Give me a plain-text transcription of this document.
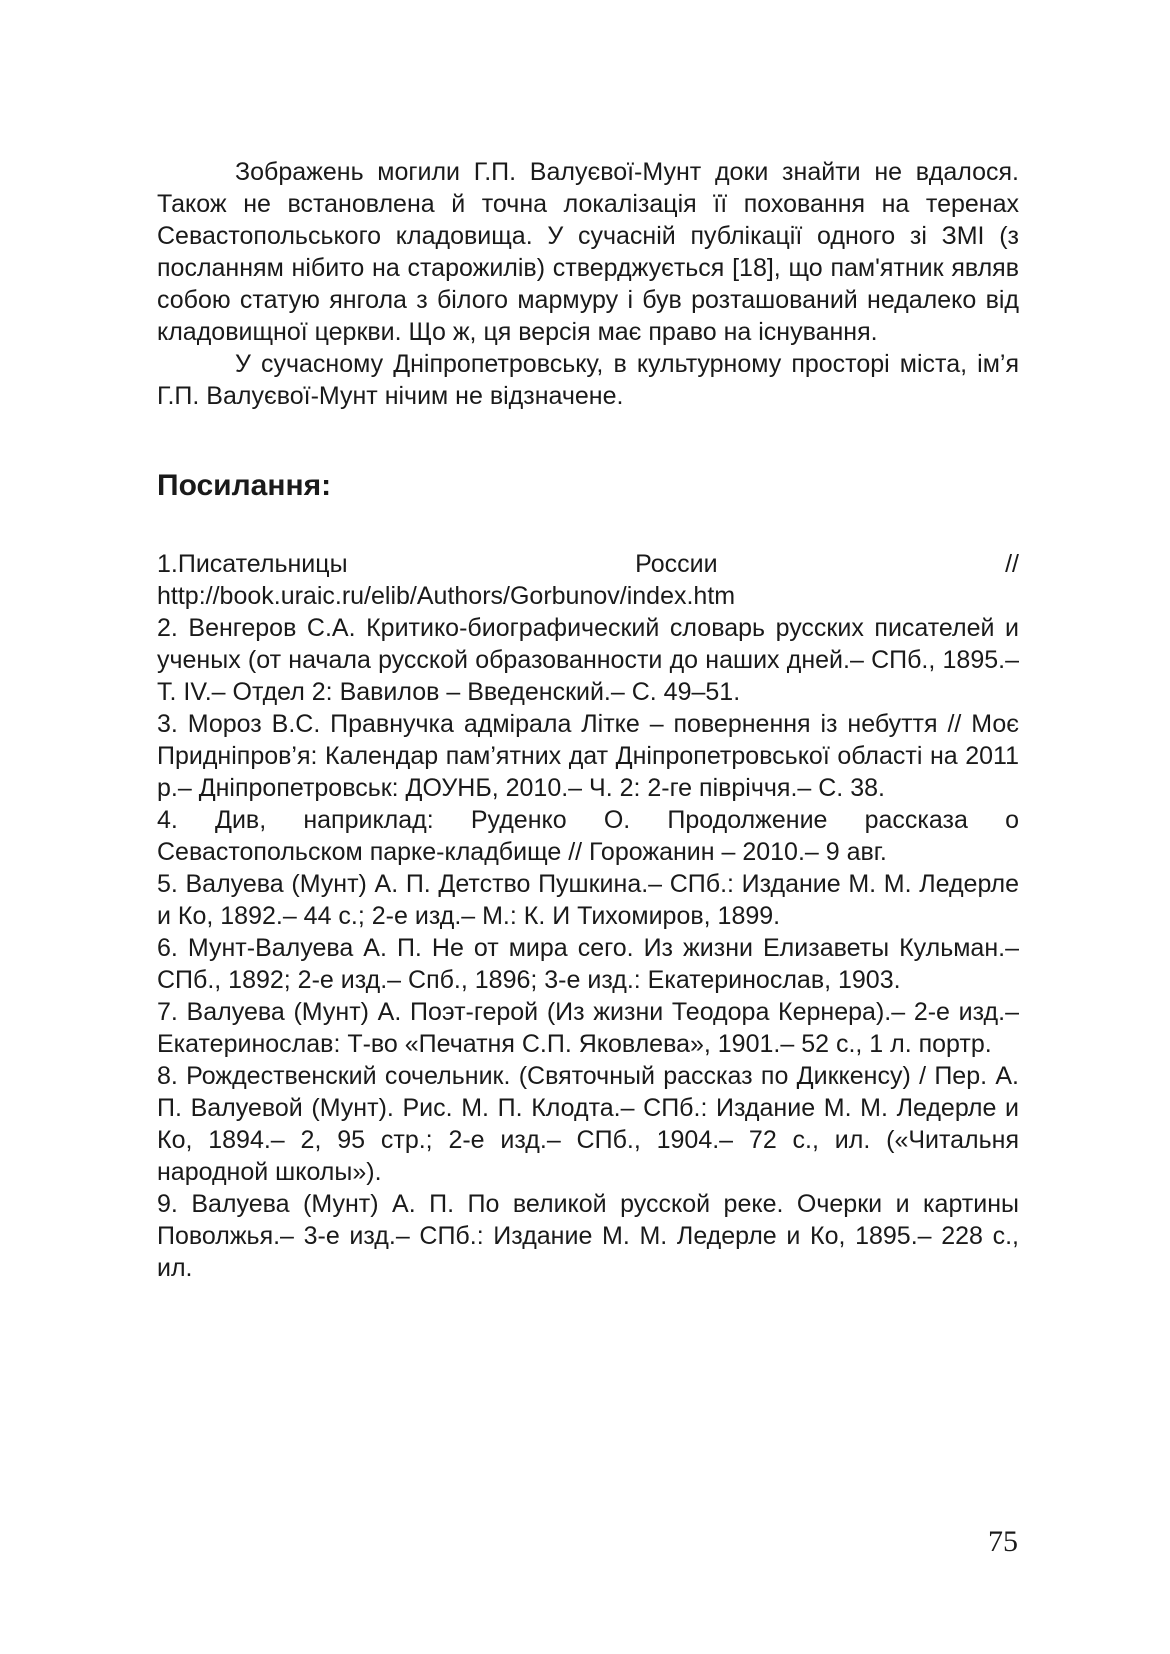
Зображень могили Г.П. Валуєвої-Мунт доки знайти не вдалося. Також не встановлена й точна локалізація її поховання на теренах Севастопольського кладовища. У сучасній публікації одного зі ЗМІ (з посланням нібито на старожилів) стверджується [18], що пам'ятник являв собою статую янгола з білого мармуру і був розташований недалеко від кладовищної церкви. Що ж, ця версія має право на існування.

У сучасному Дніпропетровську, в культурному просторі міста, ім’я Г.П. Валуєвої-Мунт нічим не відзначене.

Посилання:

1.Писательницы России //
http://book.uraic.ru/elib/Authors/Gorbunov/index.htm

2. Венгеров С.А. Критико-биографический словарь русских писателей и ученых (от начала русской образованности до наших дней.– СПб., 1895.– Т. IV.– Отдел 2: Вавилов – Введенский.– С. 49–51.

3. Мороз В.С. Правнучка адмірала Літке – повернення із небуття // Моє Придніпров’я: Календар пам’ятних дат Дніпропетровської області на 2011 р.– Дніпропетровськ: ДОУНБ, 2010.– Ч. 2: 2-ге півріччя.– С. 38.

4. Див, наприклад: Руденко О. Продолжение рассказа о Севастопольском парке-кладбище // Горожанин – 2010.– 9 авг.

5. Валуева (Мунт) А. П. Детство Пушкина.– СПб.: Издание М. М. Ледерле и Ко, 1892.– 44 с.; 2-е изд.– М.: К. И Тихомиров, 1899.

6. Мунт-Валуева А. П. Не от мира сего. Из жизни Елизаветы Кульман.– СПб., 1892; 2-е изд.– Спб., 1896; 3-е изд.: Екатеринослав, 1903.

7. Валуева (Мунт) А. Поэт-герой (Из жизни Теодора Кернера).– 2-е изд.– Екатеринослав: Т-во «Печатня С.П. Яковлева», 1901.– 52 с., 1 л. портр.

8. Рождественский сочельник. (Святочный рассказ по Диккенсу) / Пер. А. П. Валуевой (Мунт). Рис. М. П. Клодта.– СПб.: Издание М. М. Ледерле и Ко, 1894.– 2, 95 стр.; 2-е изд.– СПб., 1904.– 72 с., ил. («Читальня народной школы»).

9. Валуева (Мунт) А. П. По великой русской реке. Очерки и картины Поволжья.– 3-е изд.– СПб.: Издание М. М. Ледерле и Ко, 1895.– 228 с., ил.

75
